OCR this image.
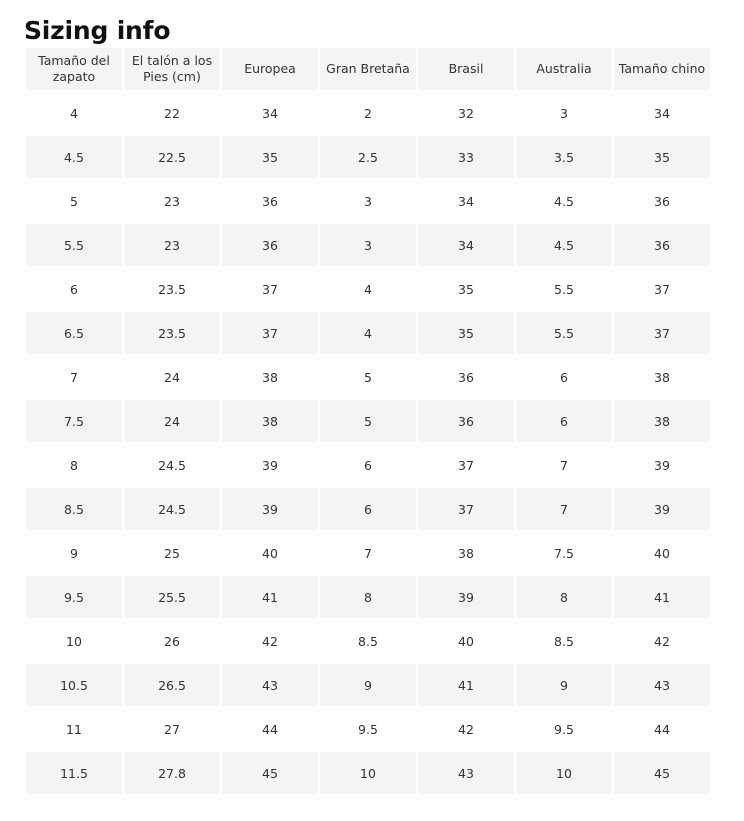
Sizing info
Tamaño del zapato	El talón a los Pies (cm)	Europea	Gran Bretaña	Brasil	Australia	Tamaño chino
4	22	34	2	32	3	34
4.5	22.5	35	2.5	33	3.5	35
5	23	36	3	34	4.5	36
5.5	23	36	3	34	4.5	36
6	23.5	37	4	35	5.5	37
6.5	23.5	37	4	35	5.5	37
7	24	38	5	36	6	38
7.5	24	38	5	36	6	38
8	24.5	39	6	37	7	39
8.5	24.5	39	6	37	7	39
9	25	40	7	38	7.5	40
9.5	25.5	41	8	39	8	41
10	26	42	8.5	40	8.5	42
10.5	26.5	43	9	41	9	43
11	27	44	9.5	42	9.5	44
11.5	27.8	45	10	43	10	45
